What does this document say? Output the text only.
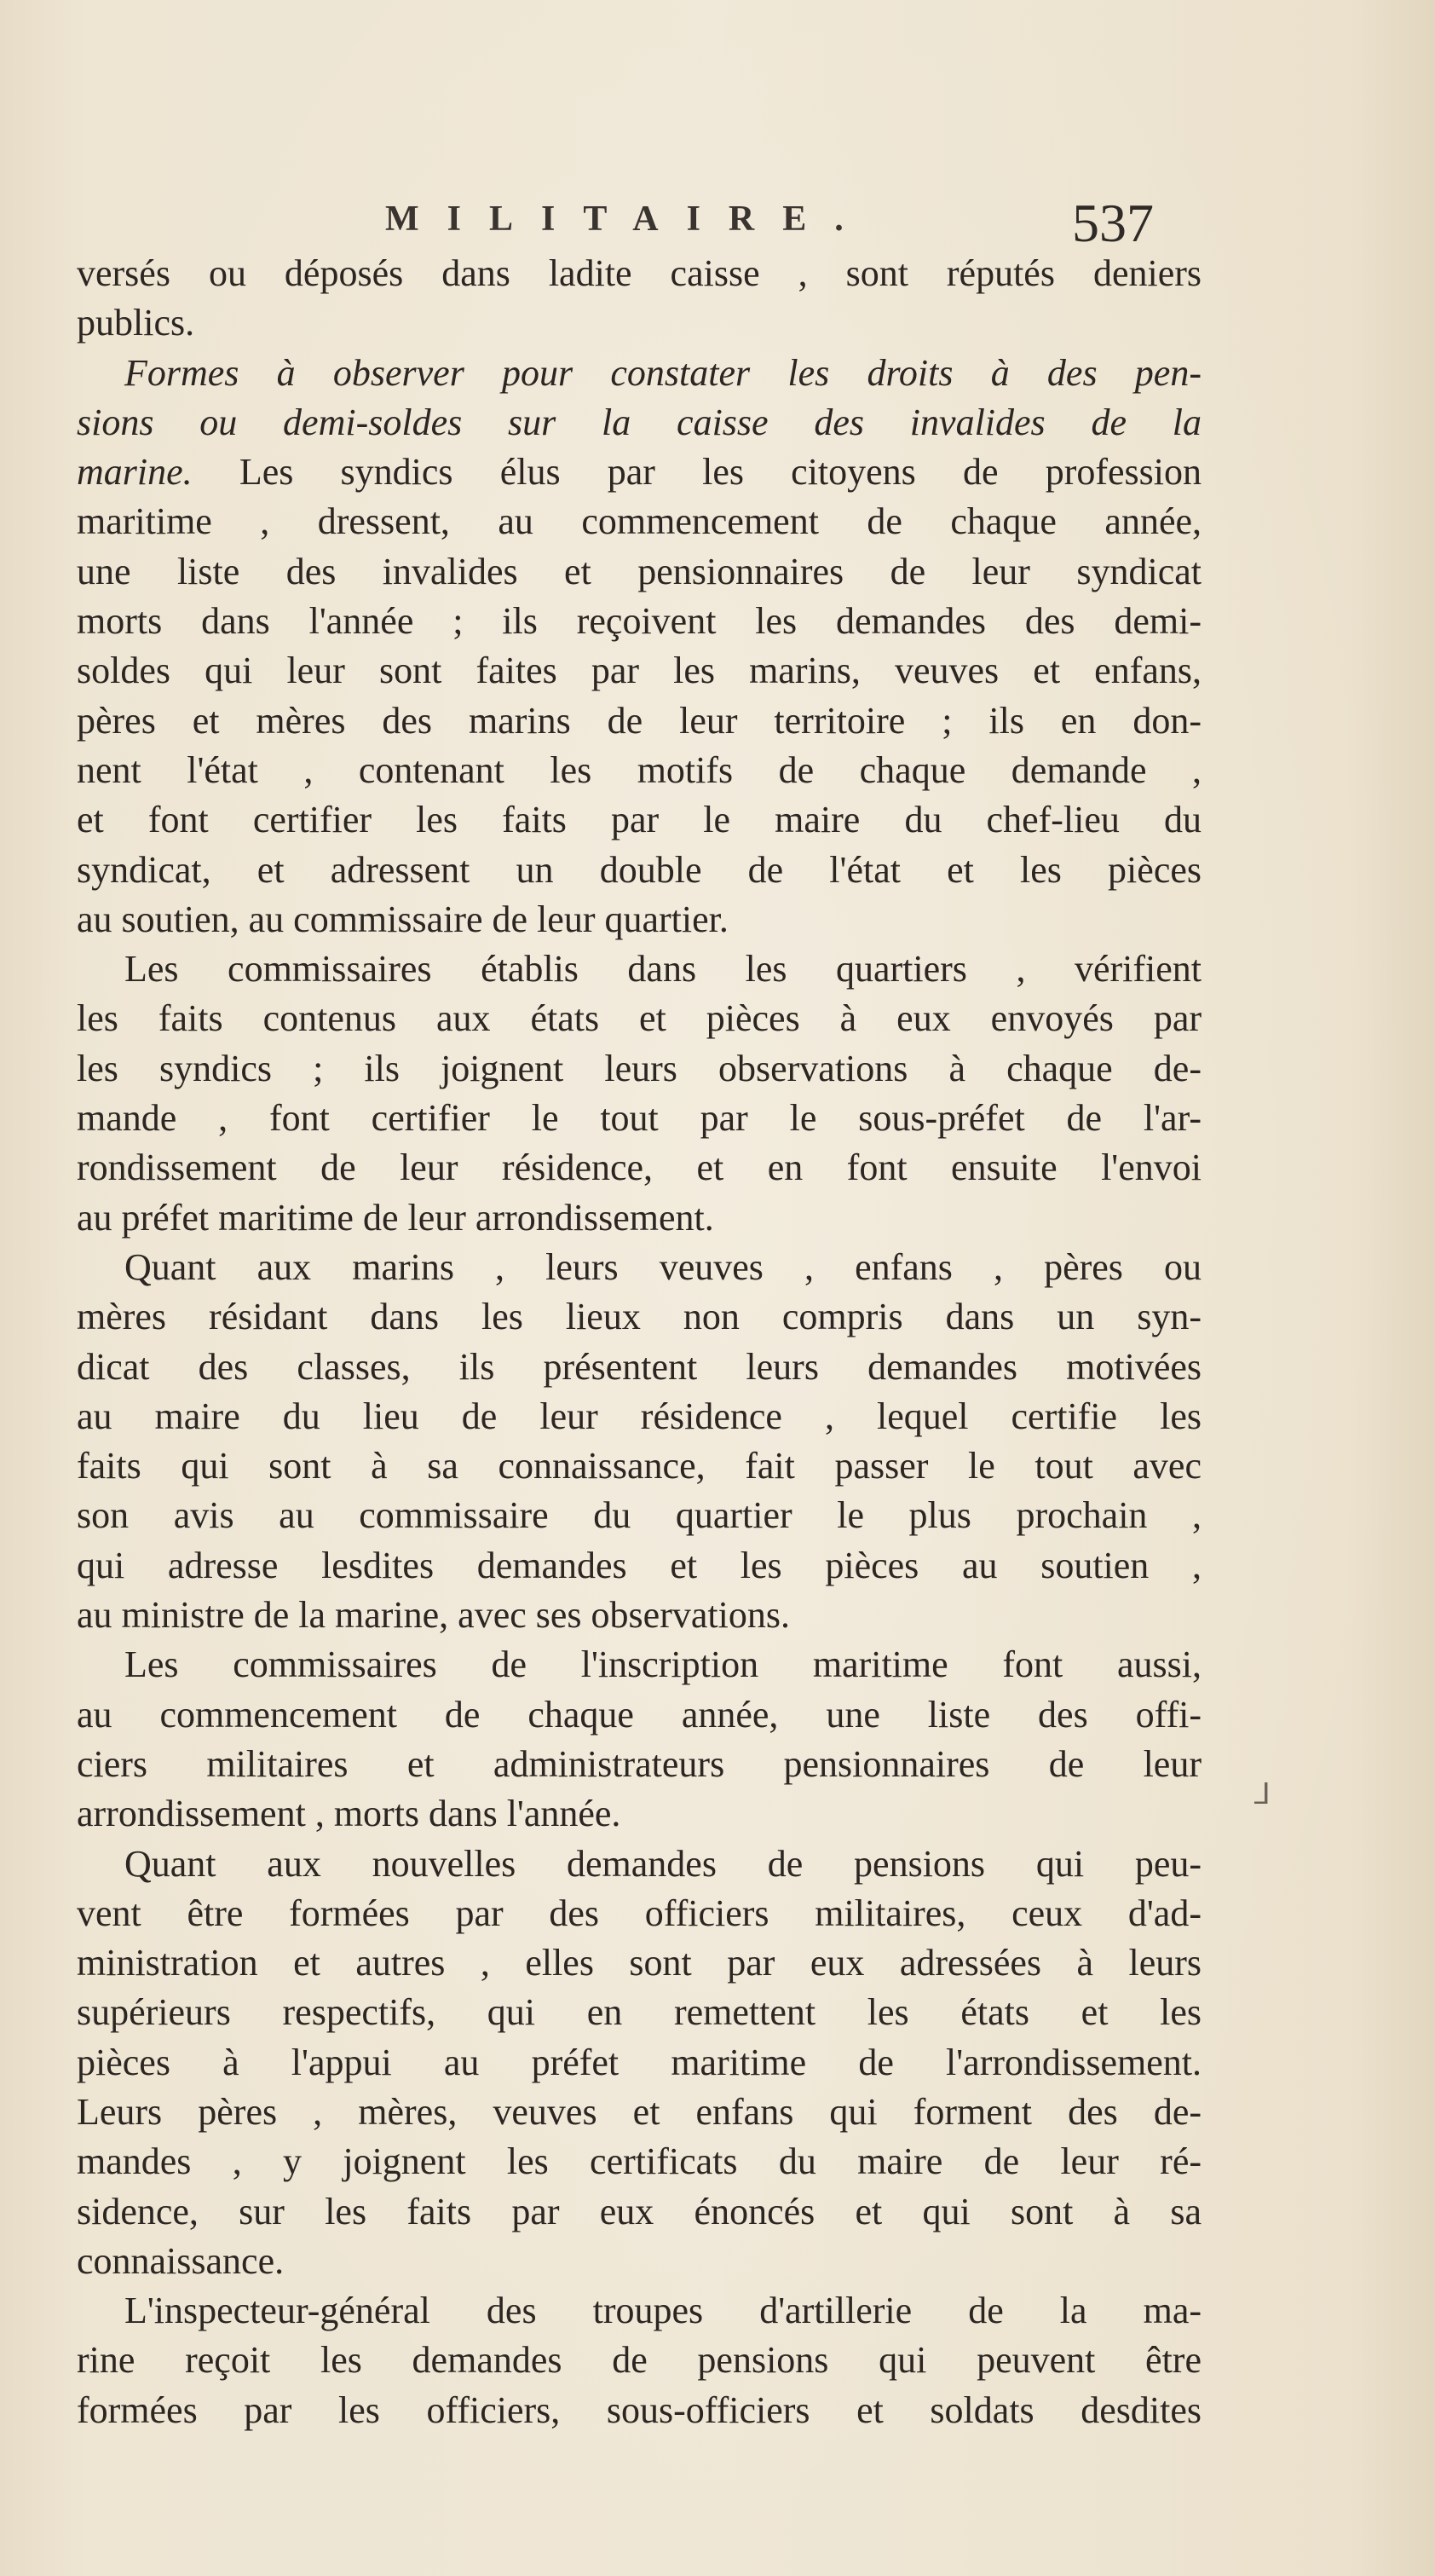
MILITAIRE.	537
versés ou déposés dans ladite caisse , sont réputés deniers
publics.
Formes à observer pour constater les droits à des pen-
sions ou demi-soldes sur la caisse des invalides de la
marine. Les syndics élus par les citoyens de profession
maritime , dressent, au commencement de chaque année,
une liste des invalides et pensionnaires de leur syndicat
morts dans l'année ; ils reçoivent les demandes des demi-
soldes qui leur sont faites par les marins, veuves et enfans,
pères et mères des marins de leur territoire ; ils en don-
nent l'état , contenant les motifs de chaque demande ,
et font certifier les faits par le maire du chef-lieu du
syndicat, et adressent un double de l'état et les pièces
au soutien, au commissaire de leur quartier.
Les commissaires établis dans les quartiers , vérifient
les faits contenus aux états et pièces à eux envoyés par
les syndics ; ils joignent leurs observations à chaque de-
mande , font certifier le tout par le sous-préfet de l'ar-
rondissement de leur résidence, et en font ensuite l'envoi
au préfet maritime de leur arrondissement.
Quant aux marins , leurs veuves , enfans , pères ou
mères résidant dans les lieux non compris dans un syn-
dicat des classes, ils présentent leurs demandes motivées
au maire du lieu de leur résidence , lequel certifie les
faits qui sont à sa connaissance, fait passer le tout avec
son avis au commissaire du quartier le plus prochain ,
qui adresse lesdites demandes et les pièces au soutien ,
au ministre de la marine, avec ses observations.
Les commissaires de l'inscription maritime font aussi,
au commencement de chaque année, une liste des offi-
ciers militaires et administrateurs pensionnaires de leur
arrondissement , morts dans l'année.
Quant aux nouvelles demandes de pensions qui peu-
vent être formées par des officiers militaires, ceux d'ad-
ministration et autres , elles sont par eux adressées à leurs
supérieurs respectifs, qui en remettent les états et les
pièces à l'appui au préfet maritime de l'arrondissement.
Leurs pères , mères, veuves et enfans qui forment des de-
mandes , y joignent les certificats du maire de leur ré-
sidence, sur les faits par eux énoncés et qui sont à sa
connaissance.
L'inspecteur-général des troupes d'artillerie de la ma-
rine reçoit les demandes de pensions qui peuvent être
formées par les officiers, sous-officiers et soldats desdites
ᒧ
